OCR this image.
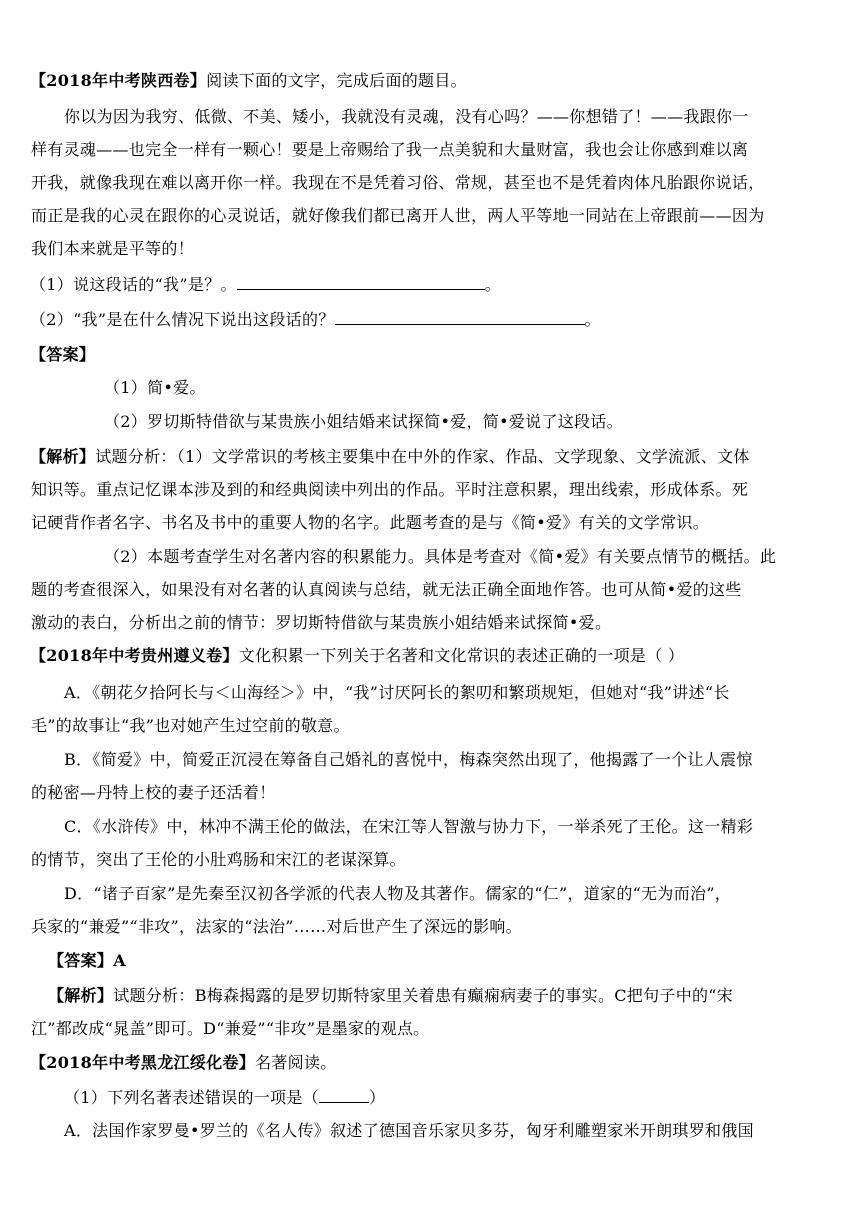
【2018年中考陕西卷】阅读下面的文字，完成后面的题目。
你以为因为我穷、低微、不美、矮小，我就没有灵魂，没有心吗？——你想错了！——我跟你一
样有灵魂——也完全一样有一颗心！要是上帝赐给了我一点美貌和大量财富，我也会让你感到难以离
开我，就像我现在难以离开你一样。我现在不是凭着习俗、常规，甚至也不是凭着肉体凡胎跟你说话，
而正是我的心灵在跟你的心灵说话，就好像我们都已离开人世，两人平等地一同站在上帝跟前——因为
我们本来就是平等的！
（1）说这段话的“我”是？。	。
（2）“我”是在什么情况下说出这段话的？	。
【答案】
（1）简•爱。
（2）罗切斯特借欲与某贵族小姐结婚来试探简•爱，简•爱说了这段话。
【解析】试题分析：（1）文学常识的考核主要集中在中外的作家、作品、文学现象、文学流派、文体
知识等。重点记忆课本涉及到的和经典阅读中列出的作品。平时注意积累，理出线索，形成体系。死
记硬背作者名字、书名及书中的重要人物的名字。此题考查的是与《简•爱》有关的文学常识。
（2）本题考查学生对名著内容的积累能力。具体是考查对《简•爱》有关要点情节的概括。此
题的考查很深入，如果没有对名著的认真阅读与总结，就无法正确全面地作答。也可从简•爱的这些
激动的表白，分析出之前的情节：罗切斯特借欲与某贵族小姐结婚来试探简•爱。
【2018年中考贵州遵义卷】文化积累一下列关于名著和文化常识的表述正确的一项是（ ）
A．《朝花夕拾阿长与＜山海经＞》中，“我”讨厌阿长的絮叨和繁琐规矩，但她对“我”讲述“长
毛”的故事让“我”也对她产生过空前的敬意。
B．《简爱》中，简爱正沉浸在筹备自己婚礼的喜悦中，梅森突然出现了，他揭露了一个让人震惊
的秘密—丹特上校的妻子还活着！
C．《水浒传》中，林冲不满王伦的做法，在宋江等人智激与协力下，一举杀死了王伦。这一精彩
的情节，突出了王伦的小肚鸡肠和宋江的老谋深算。
D．“诸子百家”是先秦至汉初各学派的代表人物及其著作。儒家的“仁”，道家的“无为而治”，
兵家的“兼爱”“非攻”，法家的“法治”……对后世产生了深远的影响。
【答案】A
【解析】试题分析：B梅森揭露的是罗切斯特家里关着患有癫痫病妻子的事实。C把句子中的“宋
江”都改成“晁盖”即可。D“兼爱”“非攻”是墨家的观点。
【2018年中考黑龙江绥化卷】名著阅读。
（1）下列名著表述错误的一项是（	）
A．法国作家罗曼•罗兰的《名人传》叙述了德国音乐家贝多芬，匈牙利雕塑家米开朗琪罗和俄国
